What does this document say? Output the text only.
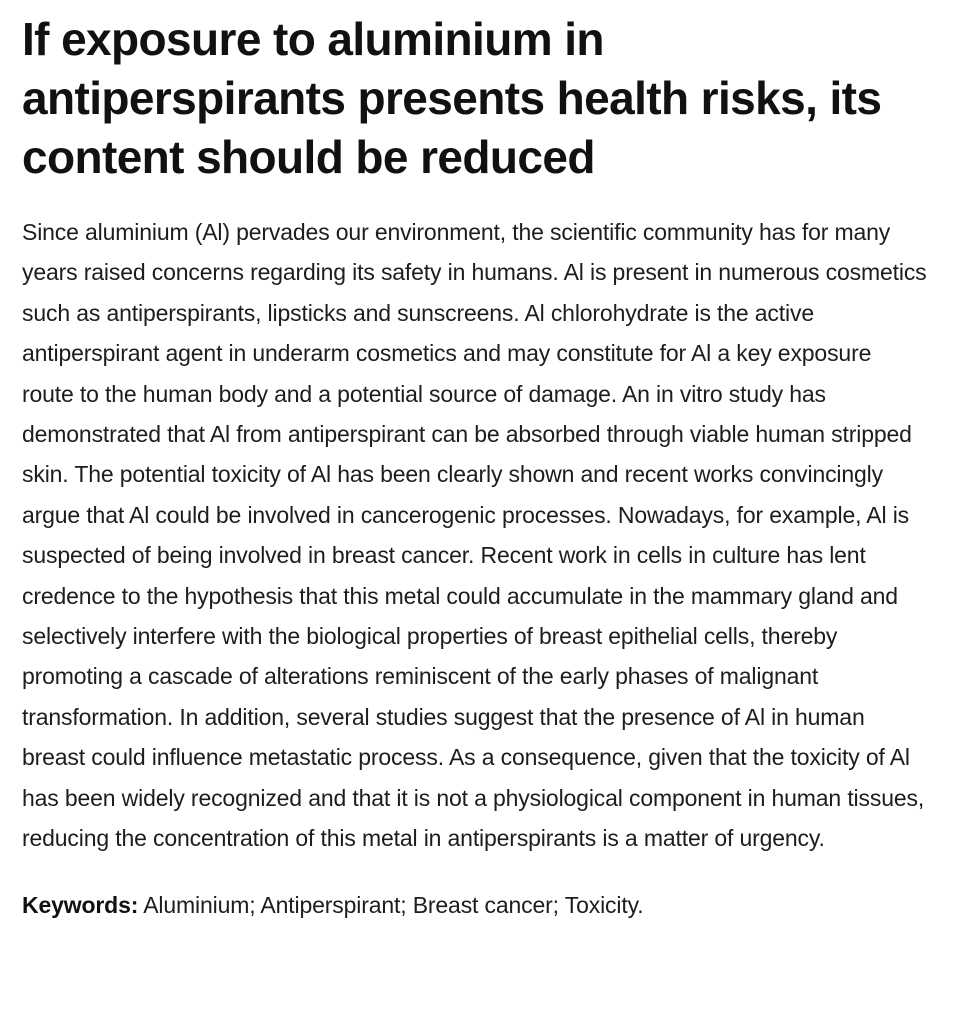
If exposure to aluminium in antiperspirants presents health risks, its content should be reduced

Since aluminium (Al) pervades our environment, the scientific community has for many years raised concerns regarding its safety in humans. Al is present in numerous cosmetics such as antiperspirants, lipsticks and sunscreens. Al chlorohydrate is the active antiperspirant agent in underarm cosmetics and may constitute for Al a key exposure route to the human body and a potential source of damage. An in vitro study has demonstrated that Al from antiperspirant can be absorbed through viable human stripped skin. The potential toxicity of Al has been clearly shown and recent works convincingly argue that Al could be involved in cancerogenic processes. Nowadays, for example, Al is suspected of being involved in breast cancer. Recent work in cells in culture has lent credence to the hypothesis that this metal could accumulate in the mammary gland and selectively interfere with the biological properties of breast epithelial cells, thereby promoting a cascade of alterations reminiscent of the early phases of malignant transformation. In addition, several studies suggest that the presence of Al in human breast could influence metastatic process. As a consequence, given that the toxicity of Al has been widely recognized and that it is not a physiological component in human tissues, reducing the concentration of this metal in antiperspirants is a matter of urgency.

Keywords: Aluminium; Antiperspirant; Breast cancer; Toxicity.
